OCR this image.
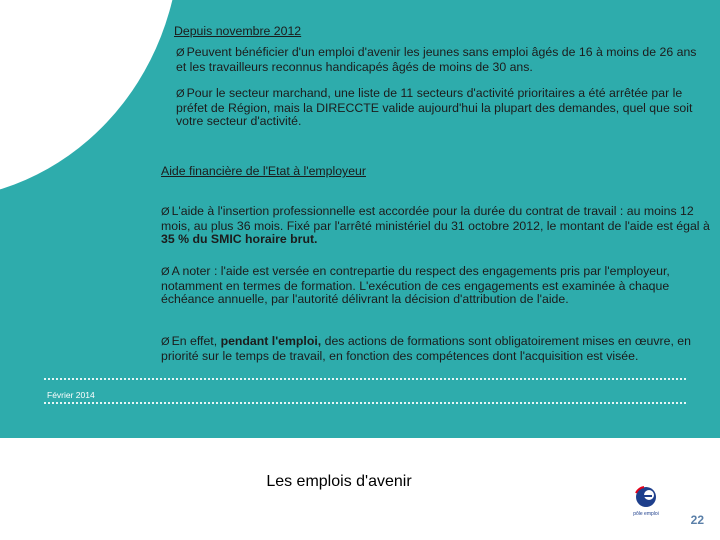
Depuis novembre 2012
Ø Peuvent bénéficier d'un emploi d'avenir les jeunes sans emploi âgés de 16 à moins de 26 ans et les travailleurs reconnus handicapés âgés de moins de 30 ans.
Ø Pour le secteur marchand, une liste de 11 secteurs d'activité prioritaires a été arrêtée par le préfet de Région, mais la DIRECCTE valide aujourd'hui la plupart des demandes, quel que soit votre secteur d'activité.
Aide financière de l'Etat à l'employeur
Ø L'aide à l'insertion professionnelle est accordée pour la durée du contrat de travail : au moins 12 mois, au plus 36 mois. Fixé par l'arrêté ministériel du 31 octobre 2012, le montant de l'aide est égal à 35 % du SMIC horaire brut.
Ø A noter : l'aide est versée en contrepartie du respect des engagements pris par l'employeur, notamment en termes de formation. L'exécution de ces engagements est examinée à chaque échéance annuelle, par l'autorité délivrant la décision d'attribution de l'aide.
Ø En effet, pendant l'emploi, des actions de formations sont obligatoirement mises en œuvre, en priorité sur le temps de travail, en fonction des compétences dont l'acquisition est visée.
Février 2014
Les emplois d'avenir
pôle emploi	22
